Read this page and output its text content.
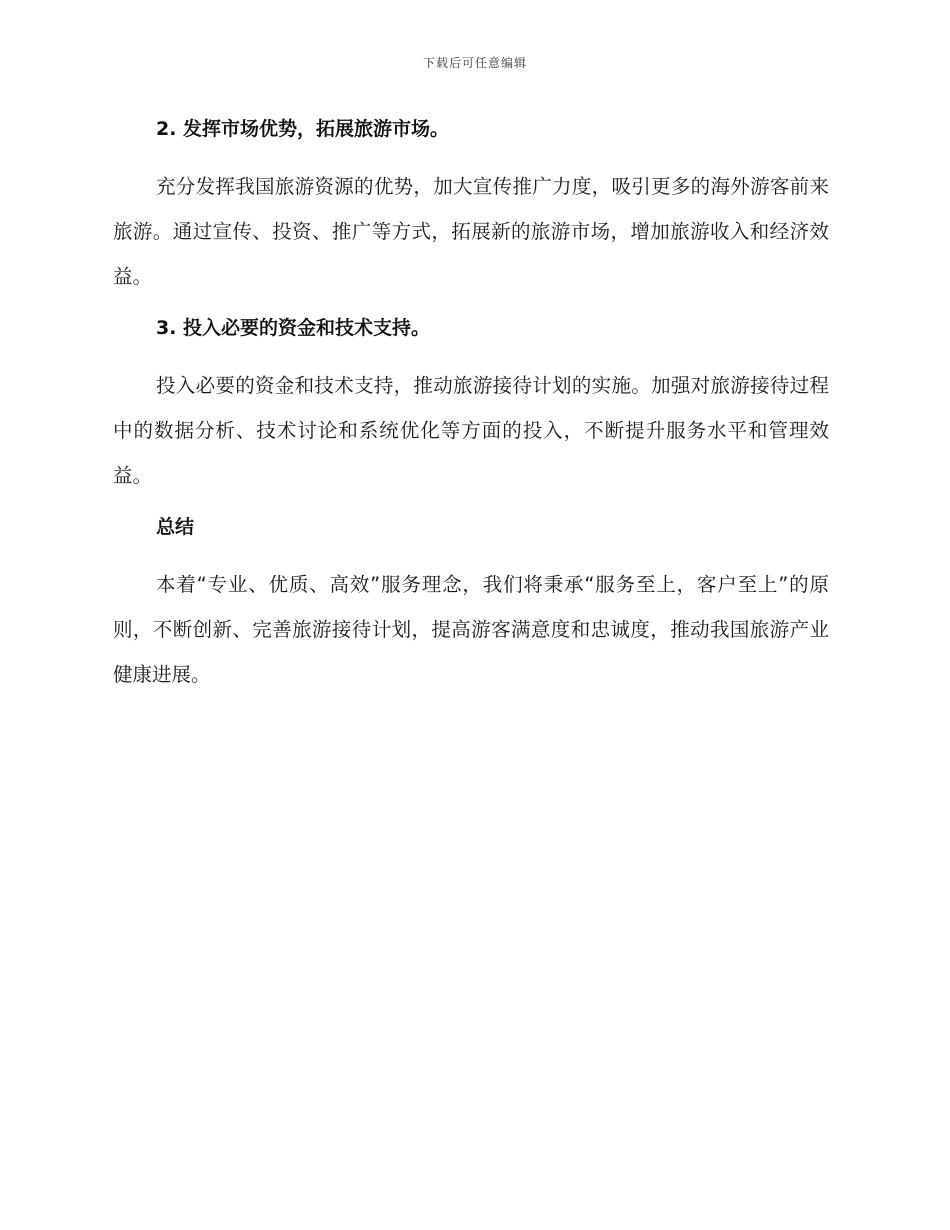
下载后可任意编辑
2. 发挥市场优势，拓展旅游市场。

充分发挥我国旅游资源的优势，加大宣传推广力度，吸引更多的海外游客前来旅游。通过宣传、投资、推广等方式，拓展新的旅游市场，增加旅游收入和经济效益。

3. 投入必要的资金和技术支持。

投入必要的资金和技术支持，推动旅游接待计划的实施。加强对旅游接待过程中的数据分析、技术讨论和系统优化等方面的投入，不断提升服务水平和管理效益。

总结

本着“专业、优质、高效”服务理念，我们将秉承“服务至上，客户至上”的原则，不断创新、完善旅游接待计划，提高游客满意度和忠诚度，推动我国旅游产业健康进展。
